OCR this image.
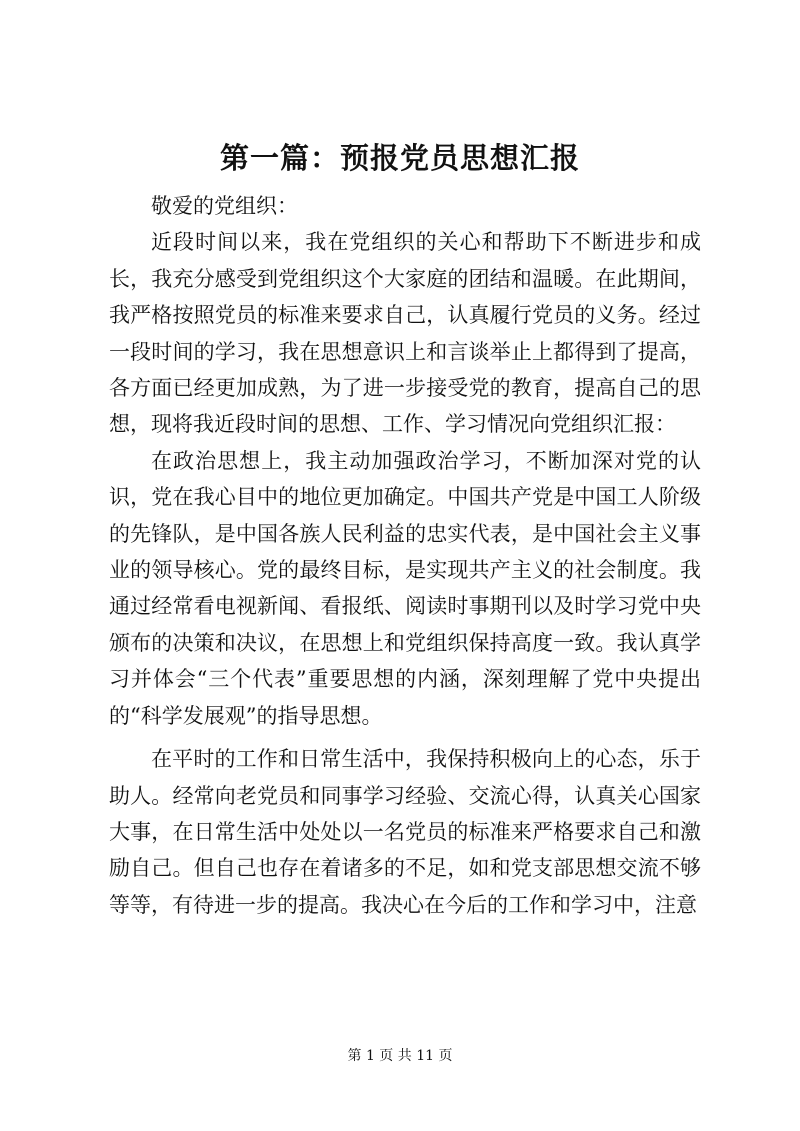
第一篇：预报党员思想汇报

敬爱的党组织：

近段时间以来，我在党组织的关心和帮助下不断进步和成长，我充分感受到党组织这个大家庭的团结和温暖。在此期间，我严格按照党员的标准来要求自己，认真履行党员的义务。经过一段时间的学习，我在思想意识上和言谈举止上都得到了提高，各方面已经更加成熟，为了进一步接受党的教育，提高自己的思想，现将我近段时间的思想、工作、学习情况向党组织汇报：

在政治思想上，我主动加强政治学习，不断加深对党的认识，党在我心目中的地位更加确定。中国共产党是中国工人阶级的先锋队，是中国各族人民利益的忠实代表，是中国社会主义事业的领导核心。党的最终目标，是实现共产主义的社会制度。我通过经常看电视新闻、看报纸、阅读时事期刊以及时学习党中央颁布的决策和决议，在思想上和党组织保持高度一致。我认真学习并体会“三个代表”重要思想的内涵，深刻理解了党中央提出的“科学发展观”的指导思想。

在平时的工作和日常生活中，我保持积极向上的心态，乐于助人。经常向老党员和同事学习经验、交流心得，认真关心国家大事，在日常生活中处处以一名党员的标准来严格要求自己和激励自己。但自己也存在着诸多的不足，如和党支部思想交流不够等等，有待进一步的提高。我决心在今后的工作和学习中，注意

第 1 页 共 11 页
